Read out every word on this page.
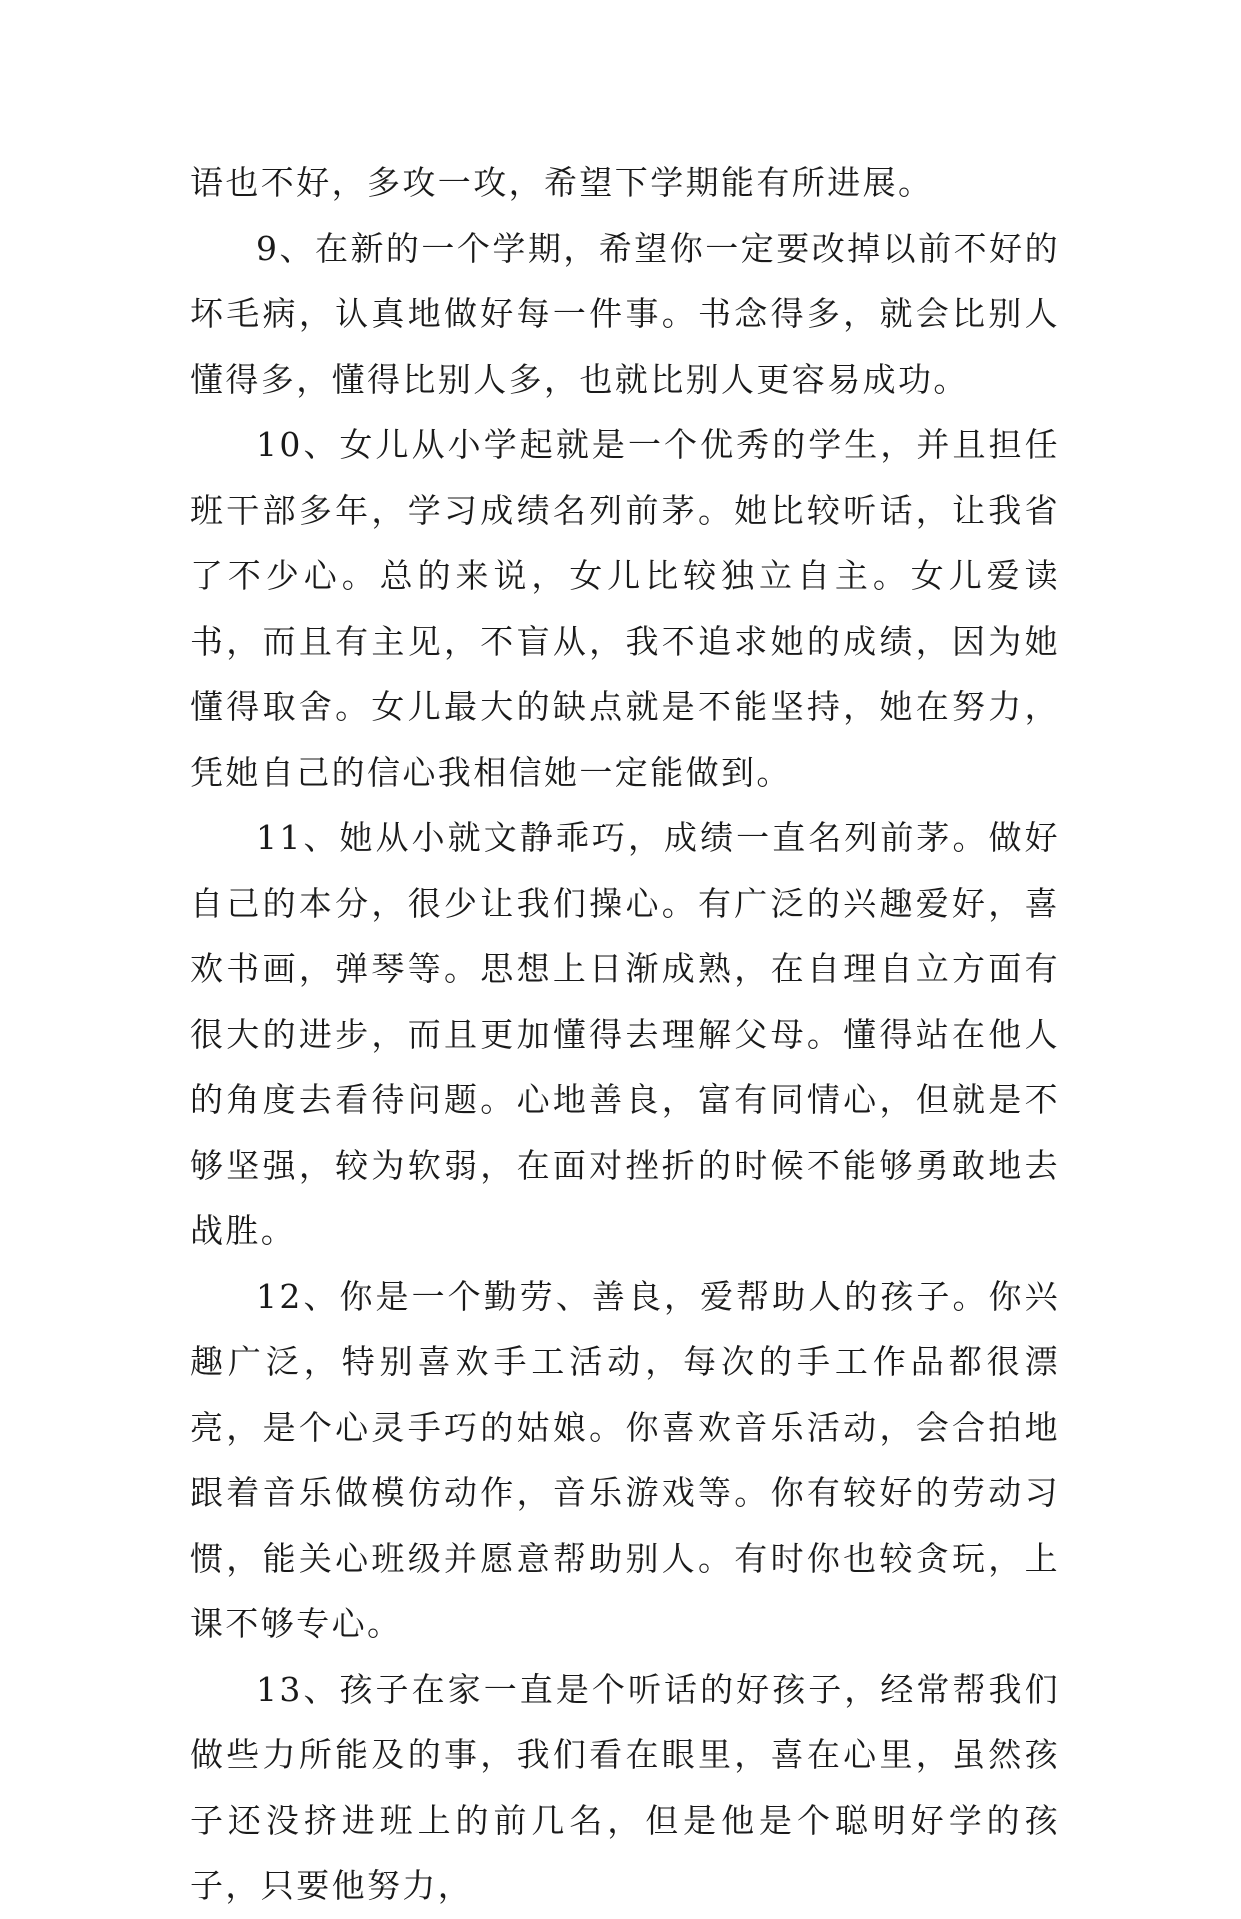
语也不好，多攻一攻，希望下学期能有所进展。

9、在新的一个学期，希望你一定要改掉以前不好的坏毛病，认真地做好每一件事。书念得多，就会比别人懂得多，懂得比别人多，也就比别人更容易成功。

10、女儿从小学起就是一个优秀的学生，并且担任班干部多年，学习成绩名列前茅。她比较听话，让我省了不少心。总的来说，女儿比较独立自主。女儿爱读书，而且有主见，不盲从，我不追求她的成绩，因为她懂得取舍。女儿最大的缺点就是不能坚持，她在努力，凭她自己的信心我相信她一定能做到。

11、她从小就文静乖巧，成绩一直名列前茅。做好自己的本分，很少让我们操心。有广泛的兴趣爱好，喜欢书画，弹琴等。思想上日渐成熟，在自理自立方面有很大的进步，而且更加懂得去理解父母。懂得站在他人的角度去看待问题。心地善良，富有同情心，但就是不够坚强，较为软弱，在面对挫折的时候不能够勇敢地去战胜。

12、你是一个勤劳、善良，爱帮助人的孩子。你兴趣广泛，特别喜欢手工活动，每次的手工作品都很漂亮，是个心灵手巧的姑娘。你喜欢音乐活动，会合拍地跟着音乐做模仿动作，音乐游戏等。你有较好的劳动习惯，能关心班级并愿意帮助别人。有时你也较贪玩，上课不够专心。

13、孩子在家一直是个听话的好孩子，经常帮我们做些力所能及的事，我们看在眼里，喜在心里，虽然孩子还没挤进班上的前几名，但是他是个聪明好学的孩子，只要他努力，
